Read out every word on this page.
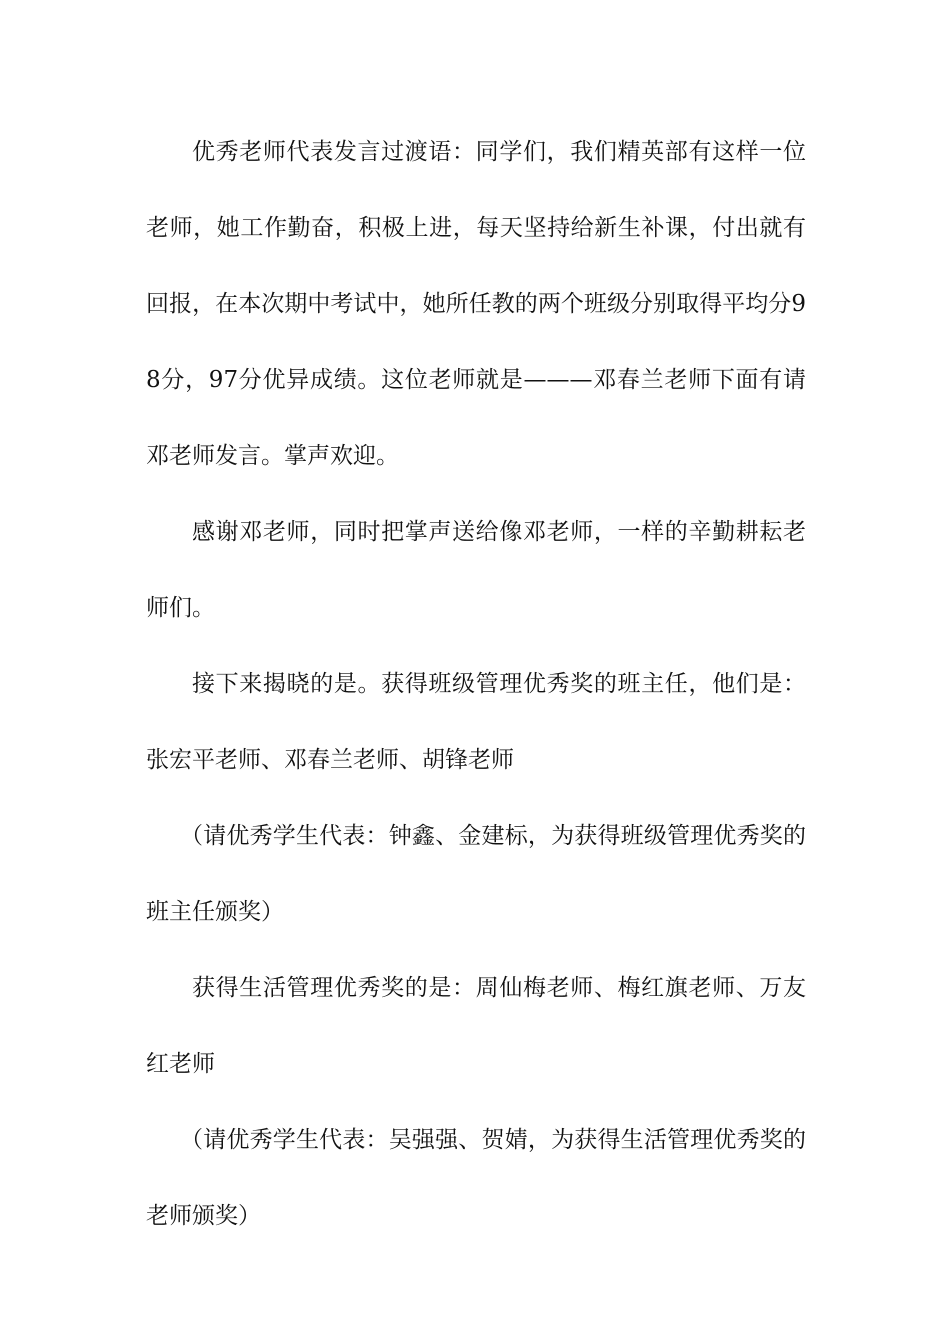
优秀老师代表发言过渡语：同学们，我们精英部有这样一位老师，她工作勤奋，积极上进，每天坚持给新生补课，付出就有回报，在本次期中考试中，她所任教的两个班级分别取得平均分98分，97分优异成绩。这位老师就是———邓春兰老师下面有请邓老师发言。掌声欢迎。

感谢邓老师，同时把掌声送给像邓老师，一样的辛勤耕耘老师们。

接下来揭晓的是。获得班级管理优秀奖的班主任，他们是：张宏平老师、邓春兰老师、胡锋老师

（请优秀学生代表：钟鑫、金建标，为获得班级管理优秀奖的班主任颁奖）

获得生活管理优秀奖的是：周仙梅老师、梅红旗老师、万友红老师

（请优秀学生代表：吴强强、贺婧，为获得生活管理优秀奖的老师颁奖）
